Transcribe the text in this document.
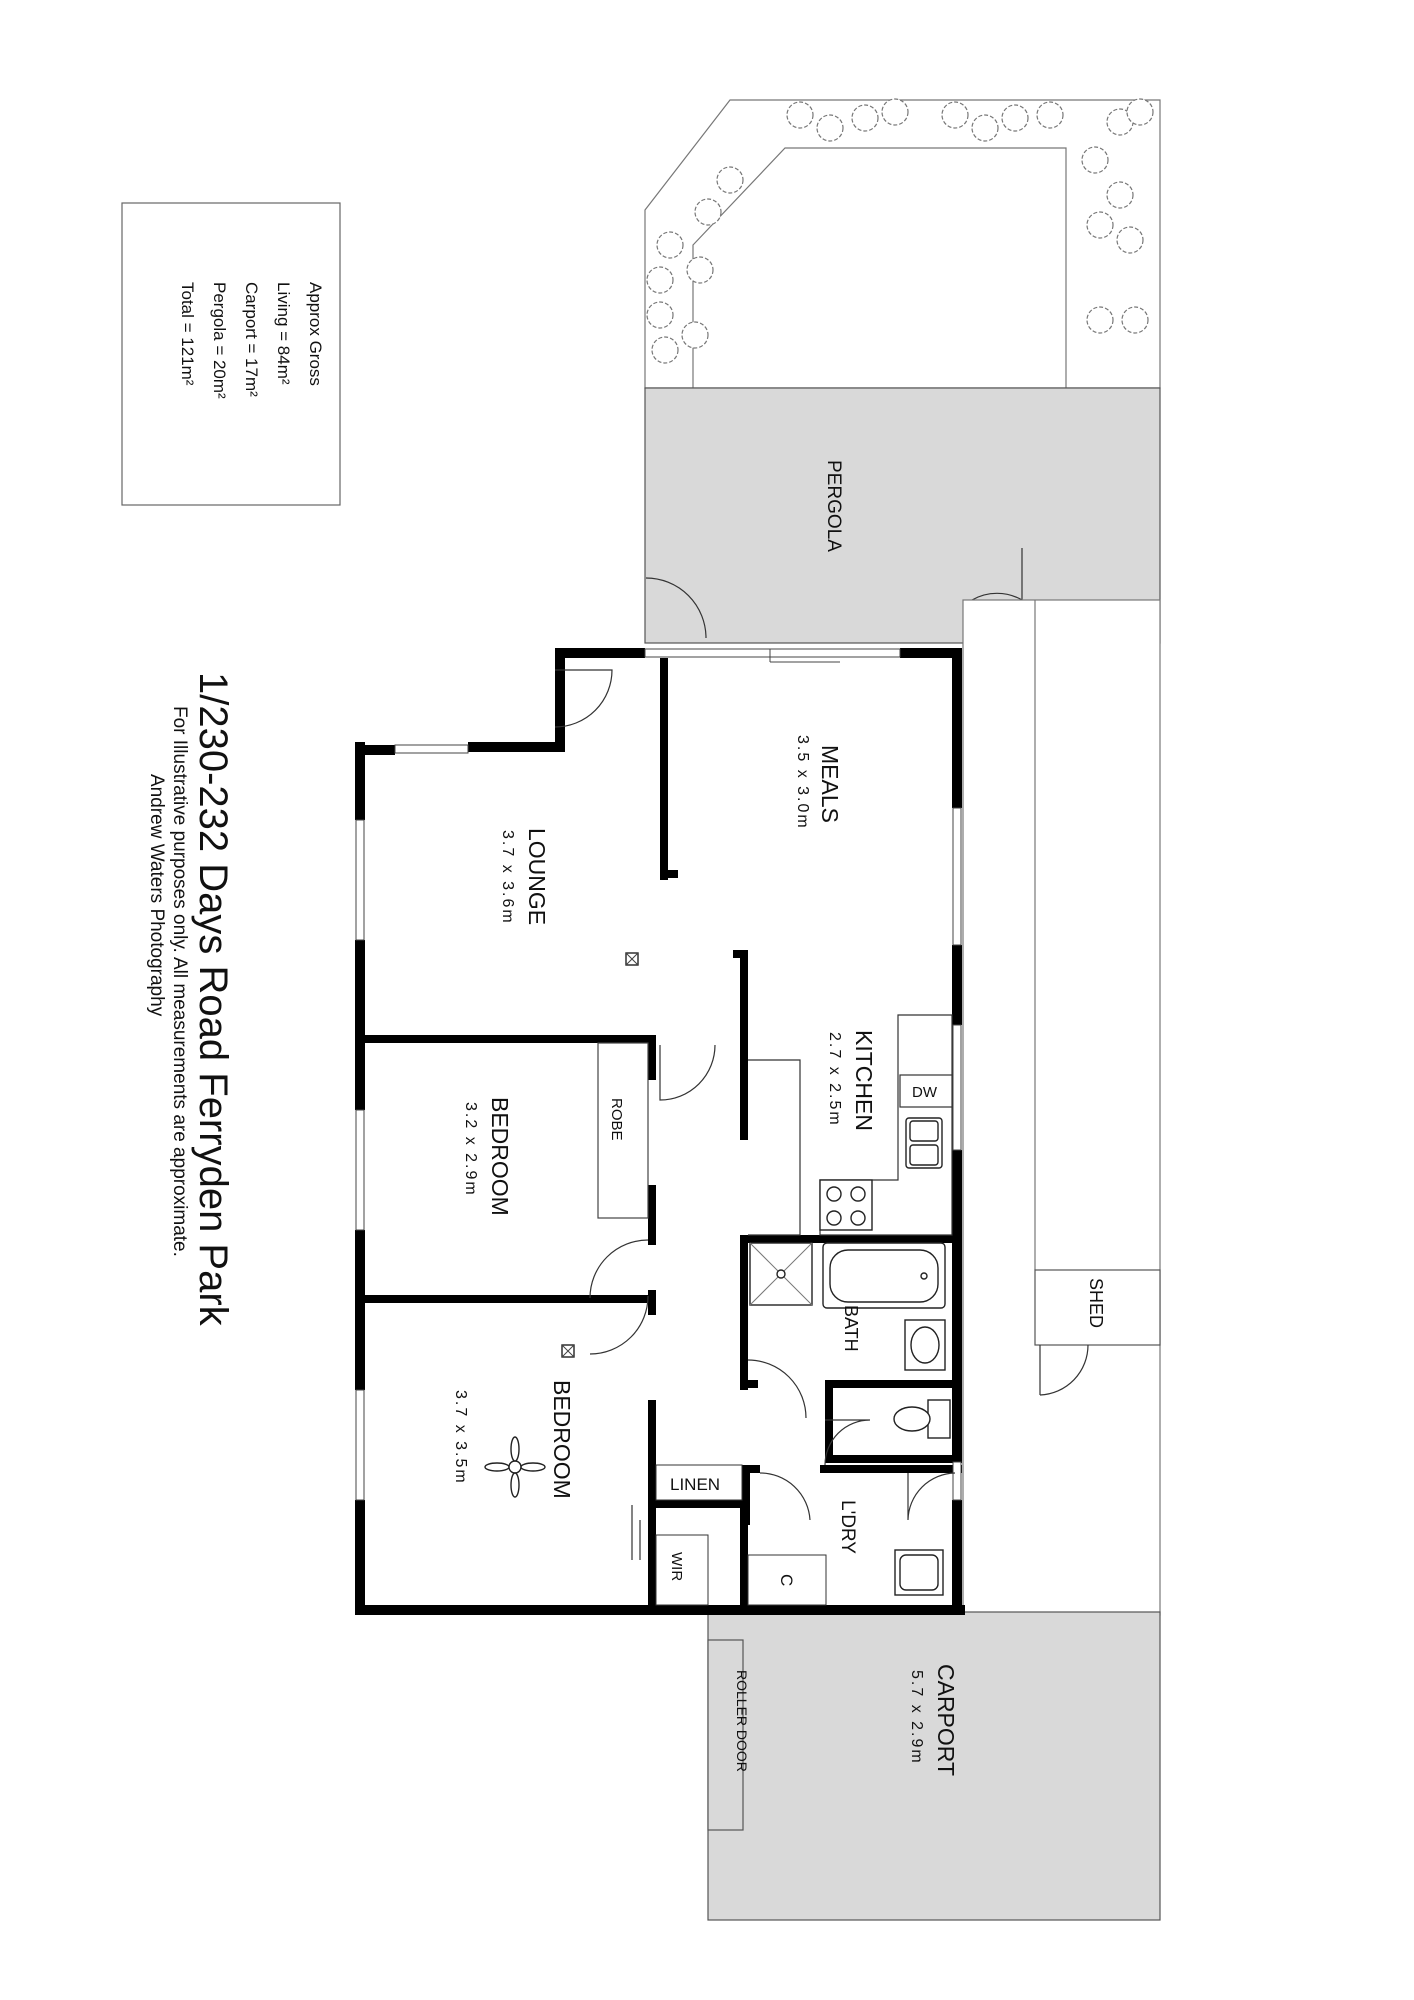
Approx Gross
Living = 84m²
Carport = 17m²
Pergola = 20m²
Total = 121m²
1/230-232 Days Road Ferryden Park
For Illustrative purposes only. All measurements are approximate.
Andrew Waters Photography
PERGOLA
SHED
CARPORT
5.7 x 2.9m
ROLLER DOOR
ROBE
DW
LINEN
WIR	C
MEALS
3.5 x 3.0m
LOUNGE
3.7 x 3.6m
KITCHEN
2.7 x 2.5m
BEDROOM
3.2 x 2.9m
BEDROOM
3.7 x 3.5m
BATH
L'DRY
